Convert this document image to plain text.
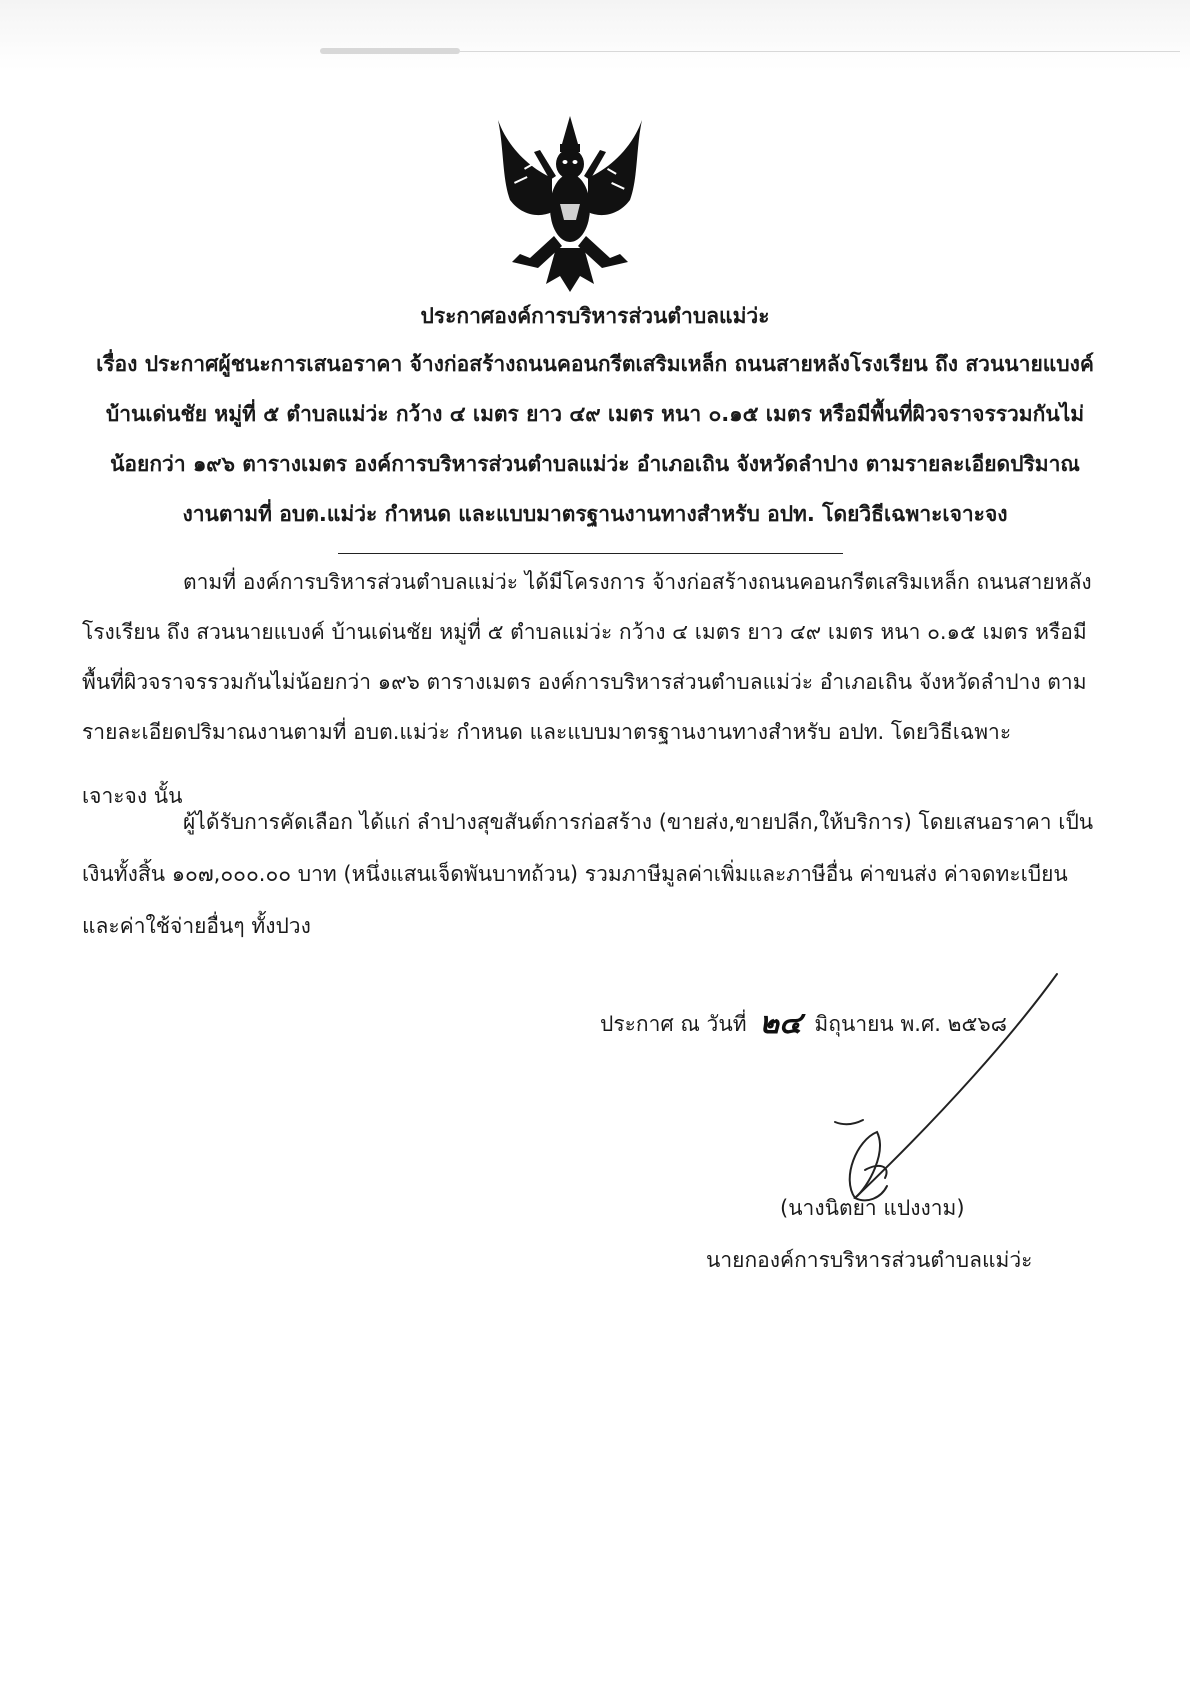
ประกาศองค์การบริหารส่วนตำบลแม่ว่ะ
เรื่อง ประกาศผู้ชนะการเสนอราคา จ้างก่อสร้างถนนคอนกรีตเสริมเหล็ก ถนนสายหลังโรงเรียน ถึง สวนนายแบงค์
บ้านเด่นชัย หมู่ที่ ๕ ตำบลแม่ว่ะ กว้าง ๔ เมตร ยาว ๔๙ เมตร หนา ๐.๑๕ เมตร หรือมีพื้นที่ผิวจราจรรวมกันไม่
น้อยกว่า ๑๙๖ ตารางเมตร องค์การบริหารส่วนตำบลแม่ว่ะ อำเภอเถิน จังหวัดลำปาง ตามรายละเอียดปริมาณ
งานตามที่ อบต.แม่ว่ะ กำหนด และแบบมาตรฐานงานทางสำหรับ อปท. โดยวิธีเฉพาะเจาะจง
ตามที่ องค์การบริหารส่วนตำบลแม่ว่ะ ได้มีโครงการ จ้างก่อสร้างถนนคอนกรีตเสริมเหล็ก ถนนสายหลัง
โรงเรียน ถึง สวนนายแบงค์ บ้านเด่นชัย หมู่ที่ ๕ ตำบลแม่ว่ะ กว้าง ๔ เมตร ยาว ๔๙ เมตร หนา ๐.๑๕ เมตร หรือมี
พื้นที่ผิวจราจรรวมกันไม่น้อยกว่า ๑๙๖ ตารางเมตร องค์การบริหารส่วนตำบลแม่ว่ะ อำเภอเถิน จังหวัดลำปาง ตาม
รายละเอียดปริมาณงานตามที่ อบต.แม่ว่ะ กำหนด และแบบมาตรฐานงานทางสำหรับ อปท. โดยวิธีเฉพาะ
เจาะจง นั้น
ผู้ได้รับการคัดเลือก ได้แก่ ลำปางสุขสันต์การก่อสร้าง (ขายส่ง,ขายปลีก,ให้บริการ) โดยเสนอราคา เป็น
เงินทั้งสิ้น ๑๐๗,๐๐๐.๐๐ บาท (หนึ่งแสนเจ็ดพันบาทถ้วน) รวมภาษีมูลค่าเพิ่มและภาษีอื่น ค่าขนส่ง ค่าจดทะเบียน
และค่าใช้จ่ายอื่นๆ ทั้งปวง
ประกาศ ณ วันที่ ๒๔ มิถุนายน พ.ศ. ๒๕๖๘
(นางนิตยา แปงงาม)
นายกองค์การบริหารส่วนตำบลแม่ว่ะ
